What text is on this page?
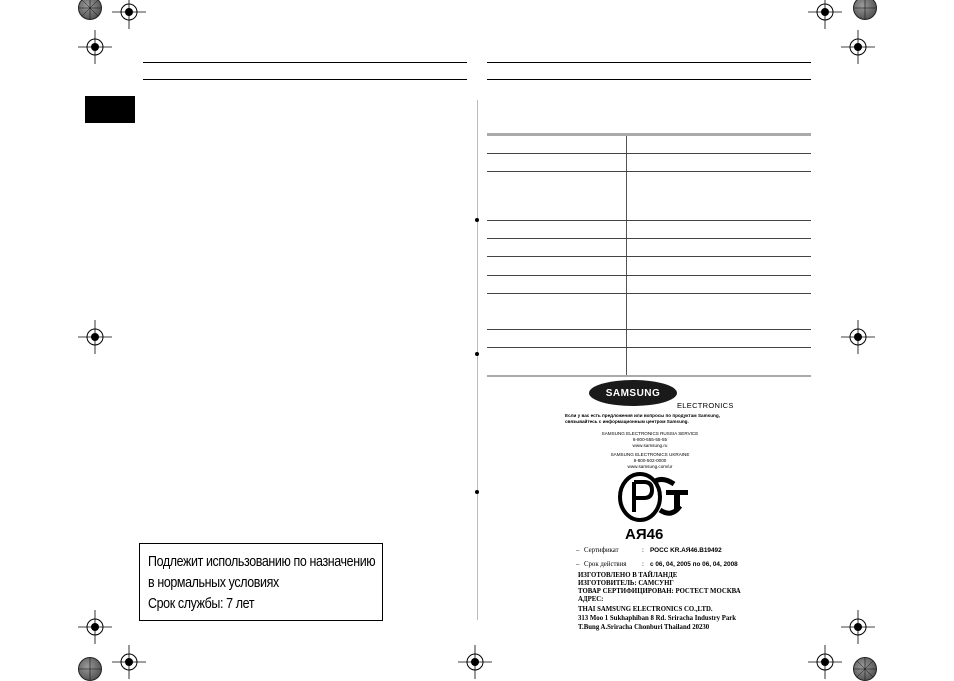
Подлежит использованию по назначению
в нормальных условиях
Срок службы: 7 лет
SAMSUNG
ELECTRONICS
Если у вас есть предложения или вопросы по продуктам Samsung,
связывайтесь с информационным центром Samsung.
SAMSUNG ELECTRONICS RUSSIA SERVICE
8-800-555-55-55
www.samsung.ru
SAMSUNG ELECTRONICS UKRAINE
8-800-502-0000
www.samsung.com/ur
АЯ46
– Сертификат	: РОСС KR.АЯ46.В19492
– Срок действия : с 06, 04, 2005 по 06, 04, 2008
ИЗГОТОВЛЕНО В ТАЙЛАНДЕ
ИЗГОТОВИТЕЛЬ: САМСУНГ
ТОВАР СЕРТИФИЦИРОВАН: РОСТЕСТ МОСКВА
АДРЕС:
THAI SAMSUNG ELECTRONICS CO.,LTD.
313 Moo 1 Sukhaphiban 8 Rd. Sriracha Industry Park
T.Bung A.Sriracha Chonburi Thailand 20230
